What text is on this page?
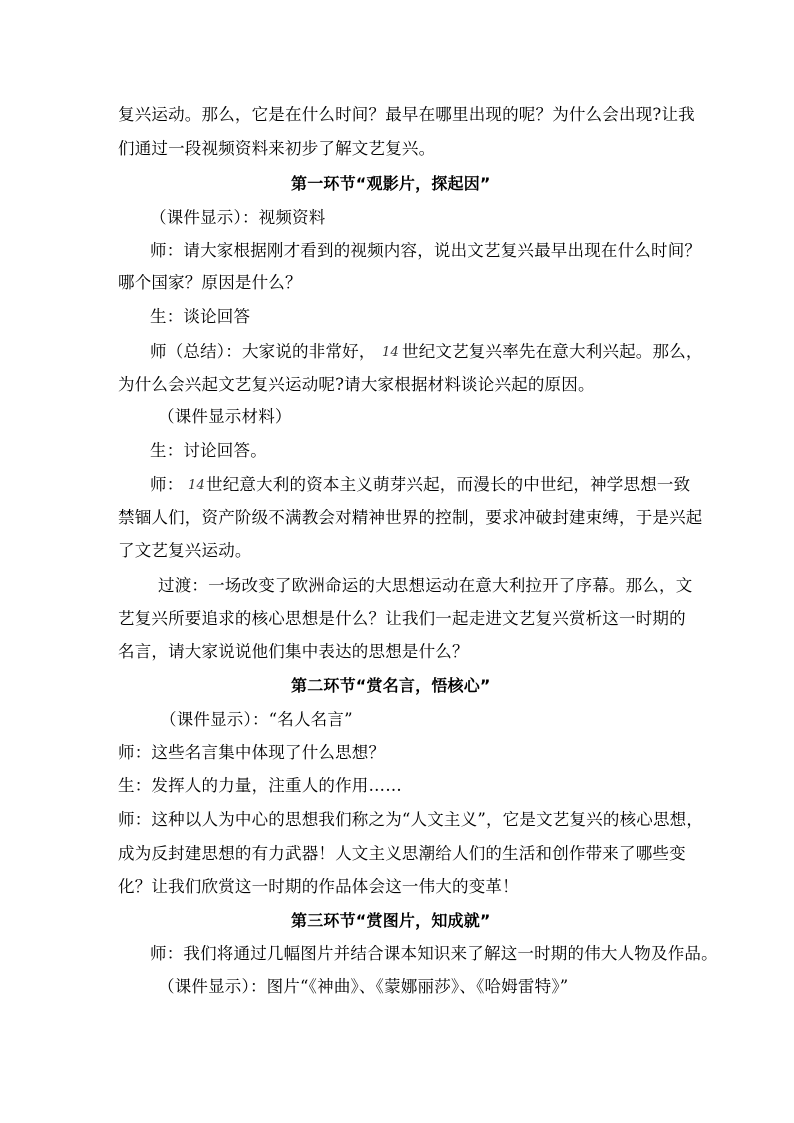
复兴运动。那么，它是在什么时间？最早在哪里出现的呢？为什么会出现?让我
们通过一段视频资料来初步了解文艺复兴。
第一环节“观影片，探起因”
（课件显示）：视频资料
师：请大家根据刚才看到的视频内容，说出文艺复兴最早出现在什么时间？
哪个国家？原因是什么？
生：谈论回答
师（总结）：大家说的非常好， 14 世纪文艺复兴率先在意大利兴起。那么，
为什么会兴起文艺复兴运动呢?请大家根据材料谈论兴起的原因。
（课件显示材料）
生：讨论回答。
师： 14 世纪意大利的资本主义萌芽兴起，而漫长的中世纪，神学思想一致
禁锢人们，资产阶级不满教会对精神世界的控制，要求冲破封建束缚，于是兴起
了文艺复兴运动。
过渡：一场改变了欧洲命运的大思想运动在意大利拉开了序幕。那么，文
艺复兴所要追求的核心思想是什么？让我们一起走进文艺复兴赏析这一时期的
名言，请大家说说他们集中表达的思想是什么？
第二环节“赏名言，悟核心”
（课件显示）：“名人名言”
师：这些名言集中体现了什么思想？
生：发挥人的力量，注重人的作用……
师：这种以人为中心的思想我们称之为“人文主义”，它是文艺复兴的核心思想，
成为反封建思想的有力武器！人文主义思潮给人们的生活和创作带来了哪些变
化？让我们欣赏这一时期的作品体会这一伟大的变革！
第三环节“赏图片，知成就”
师：我们将通过几幅图片并结合课本知识来了解这一时期的伟大人物及作品。
（课件显示）：图片“《神曲》、《蒙娜丽莎》、《哈姆雷特》”
